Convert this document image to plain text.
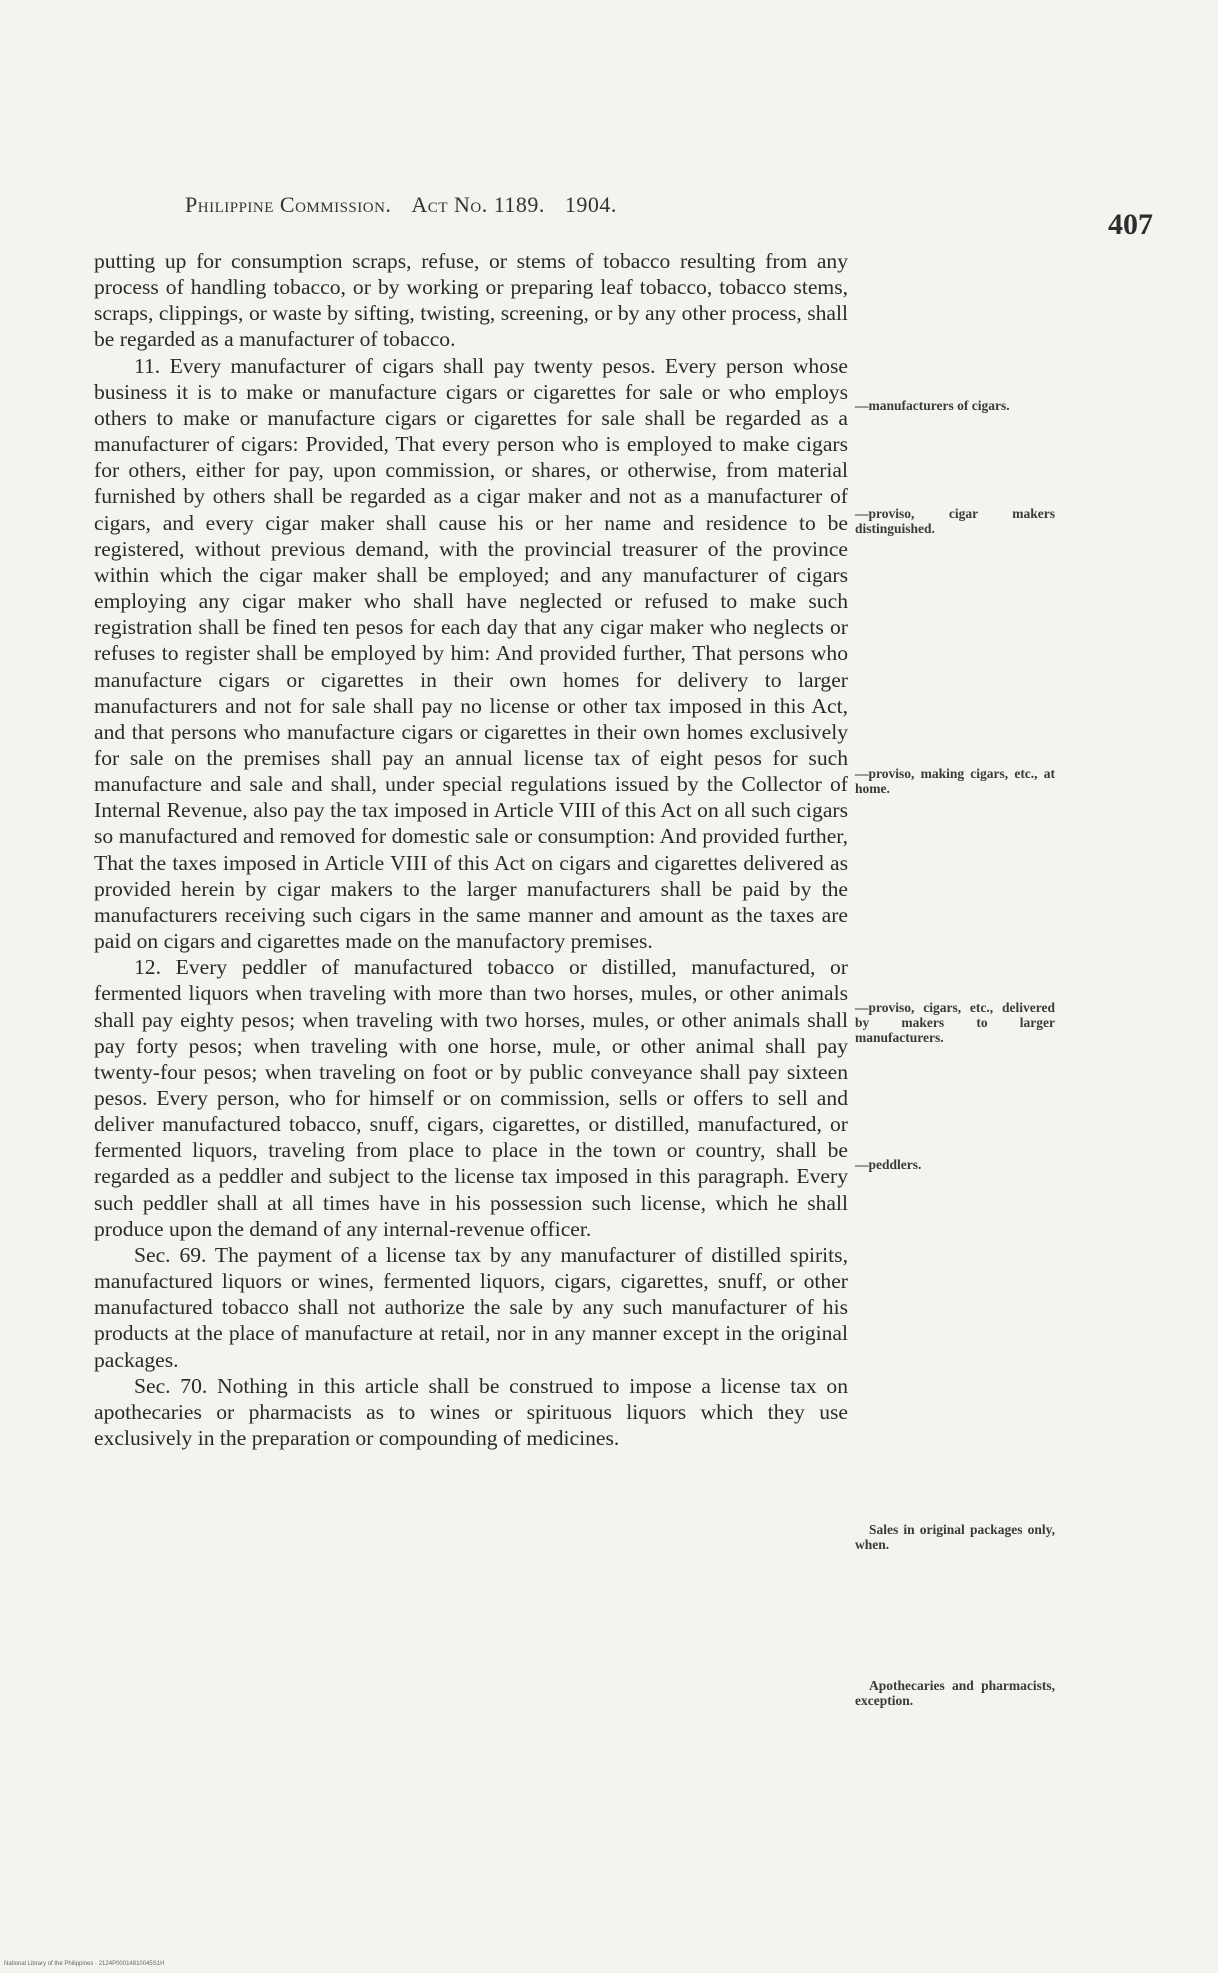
Philippine Commission. Act No. 1189. 1904.
407

putting up for consumption scraps, refuse, or stems of tobacco resulting from any process of handling tobacco, or by working or preparing leaf tobacco, tobacco stems, scraps, clippings, or waste by sifting, twisting, screening, or by any other process, shall be regarded as a manufacturer of tobacco.

11. Every manufacturer of cigars shall pay twenty pesos. Every person whose business it is to make or manufacture cigars or cigarettes for sale or who employs others to make or manufacture cigars or cigarettes for sale shall be regarded as a manufacturer of cigars: Provided, That every person who is employed to make cigars for others, either for pay, upon commission, or shares, or otherwise, from material furnished by others shall be regarded as a cigar maker and not as a manufacturer of cigars, and every cigar maker shall cause his or her name and residence to be registered, without previous demand, with the provincial treasurer of the province within which the cigar maker shall be employed; and any manufacturer of cigars employing any cigar maker who shall have neglected or refused to make such registration shall be fined ten pesos for each day that any cigar maker who neglects or refuses to register shall be employed by him: And provided further, That persons who manufacture cigars or cigarettes in their own homes for delivery to larger manufacturers and not for sale shall pay no license or other tax imposed in this Act, and that persons who manufacture cigars or cigarettes in their own homes exclusively for sale on the premises shall pay an annual license tax of eight pesos for such manufacture and sale and shall, under special regulations issued by the Collector of Internal Revenue, also pay the tax imposed in Article VIII of this Act on all such cigars so manufactured and removed for domestic sale or consumption: And provided further, That the taxes imposed in Article VIII of this Act on cigars and cigarettes delivered as provided herein by cigar makers to the larger manufacturers shall be paid by the manufacturers receiving such cigars in the same manner and amount as the taxes are paid on cigars and cigarettes made on the manufactory premises.

12. Every peddler of manufactured tobacco or distilled, manufactured, or fermented liquors when traveling with more than two horses, mules, or other animals shall pay eighty pesos; when traveling with two horses, mules, or other animals shall pay forty pesos; when traveling with one horse, mule, or other animal shall pay twenty-four pesos; when traveling on foot or by public conveyance shall pay sixteen pesos. Every person, who for himself or on commission, sells or offers to sell and deliver manufactured tobacco, snuff, cigars, cigarettes, or distilled, manufactured, or fermented liquors, traveling from place to place in the town or country, shall be regarded as a peddler and subject to the license tax imposed in this paragraph. Every such peddler shall at all times have in his possession such license, which he shall produce upon the demand of any internal-revenue officer.

Sec. 69. The payment of a license tax by any manufacturer of distilled spirits, manufactured liquors or wines, fermented liquors, cigars, cigarettes, snuff, or other manufactured tobacco shall not authorize the sale by any such manufacturer of his products at the place of manufacture at retail, nor in any manner except in the original packages.

Sec. 70. Nothing in this article shall be construed to impose a license tax on apothecaries or pharmacists as to wines or spirituous liquors which they use exclusively in the preparation or compounding of medicines.

—manufacturers of cigars.
—proviso, cigar makers distinguished.
—proviso, making cigars, etc., at home.
—proviso, cigars, etc., delivered by makers to larger manufacturers.
—peddlers.
Sales in original packages only, when.
Apothecaries and pharmacists, exception.
National Library of the Philippines · 2124P00014810045S1H
